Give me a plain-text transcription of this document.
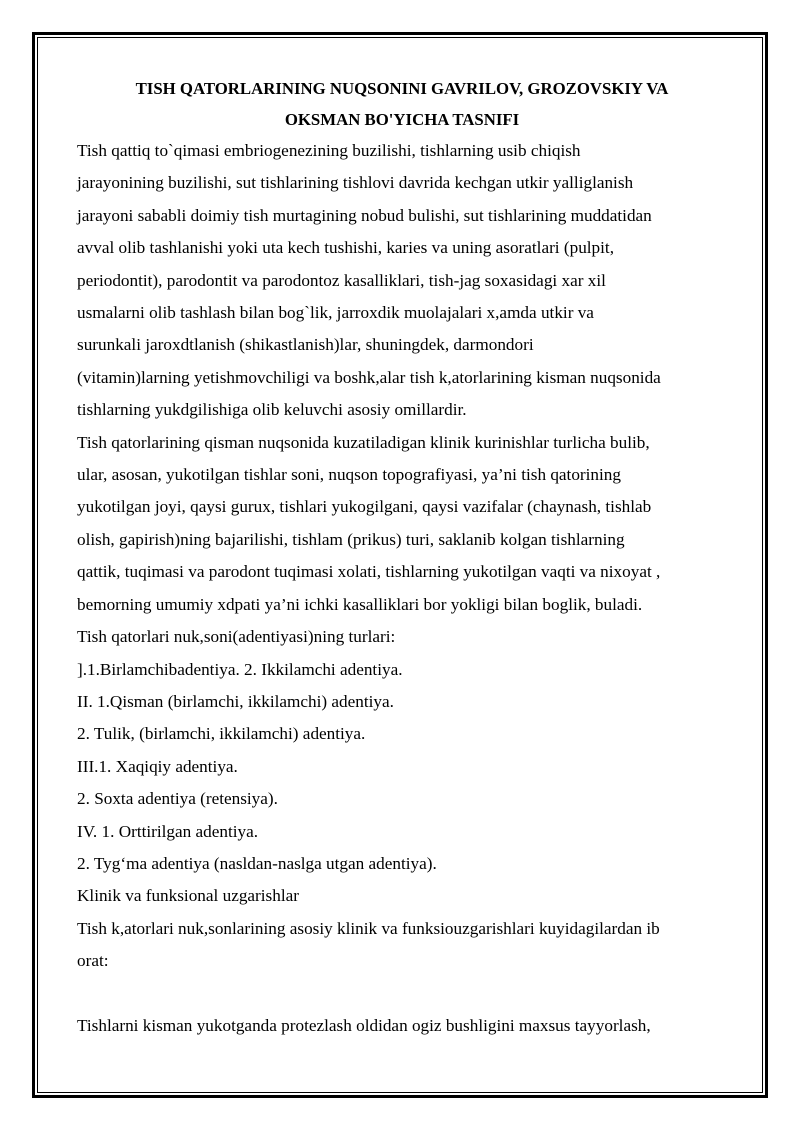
TISH QATORLARINING NUQSONINI GAVRILOV, GROZOVSKIY VA
OKSMAN BO'YICHA TASNIFI

Tish qattiq to`qimasi embriogenezining buzilishi, tishlarning usib chiqish
jarayonining buzilishi, sut tishlarining tishlovi davrida kechgan utkir yalliglanish
jarayoni sababli doimiy tish murtagining nobud bulishi, sut tishlarining muddatidan
avval olib tashlanishi yoki uta kech tushishi, karies va uning asoratlari (pulpit,
periodontit), parodontit va parodontoz kasalliklari, tish-jag soxasidagi xar xil
usmalarni olib tashlash bilan bog`lik, jarroxdik muolajalari x,amda utkir va
surunkali jaroxdtlanish (shikastlanish)lar, shuningdek, darmondori
(vitamin)larning yetishmovchiligi va boshk,alar tish k,atorlarining kisman nuqsonida
tishlarning yukdgilishiga olib keluvchi asosiy omillardir.

Tish qatorlarining qisman nuqsonida kuzatiladigan klinik kurinishlar turlicha bulib,
ular, asosan, yukotilgan tishlar soni, nuqson topografiyasi, ya’ni tish qatorining
yukotilgan joyi, qaysi gurux, tishlari yukogilgani, qaysi vazifalar (chaynash, tishlab
olish, gapirish)ning bajarilishi, tishlam (prikus) turi, saklanib kolgan tishlarning
qattik, tuqimasi va parodont tuqimasi xolati, tishlarning yukotilgan vaqti va nixoyat ,
bemorning umumiy xdpati ya’ni ichki kasalliklari bor yokligi bilan boglik, buladi.

Tish qatorlari nuk,soni(adentiyasi)ning turlari:

].1.Birlamchibadentiya. 2. Ikkilamchi adentiya.
II. 1.Qisman (birlamchi, ikkilamchi) adentiya.
2. Tulik, (birlamchi, ikkilamchi) adentiya.
III.1. Xaqiqiy adentiya.
2. Soxta adentiya (retensiya).
IV. 1. Orttirilgan adentiya.
2. Tyg‘ma adentiya (nasldan-naslga utgan adentiya).

Klinik va funksional uzgarishlar

Tish k,atorlari nuk,sonlarining asosiy klinik va funksiouzgarishlari kuyidagilardan ib
orat:

Tishlarni kisman yukotganda protezlash oldidan ogiz bushligini maxsus tayyorlash,
